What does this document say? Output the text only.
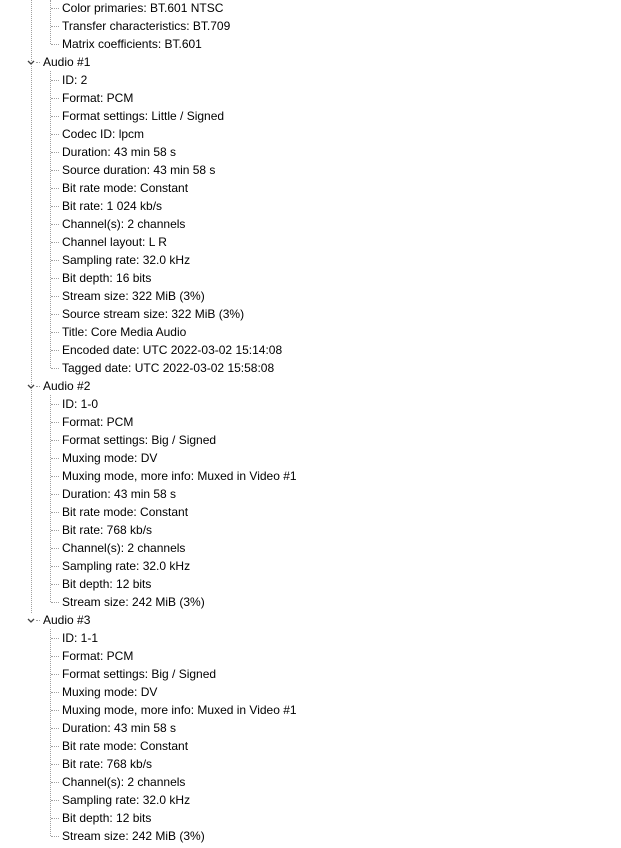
Color primaries: BT.601 NTSC
Transfer characteristics: BT.709
Matrix coefficients: BT.601
Audio #1
ID: 2
Format: PCM
Format settings: Little / Signed
Codec ID: lpcm
Duration: 43 min 58 s
Source duration: 43 min 58 s
Bit rate mode: Constant
Bit rate: 1 024 kb/s
Channel(s): 2 channels
Channel layout: L R
Sampling rate: 32.0 kHz
Bit depth: 16 bits
Stream size: 322 MiB (3%)
Source stream size: 322 MiB (3%)
Title: Core Media Audio
Encoded date: UTC 2022-03-02 15:14:08
Tagged date: UTC 2022-03-02 15:58:08
Audio #2
ID: 1-0
Format: PCM
Format settings: Big / Signed
Muxing mode: DV
Muxing mode, more info: Muxed in Video #1
Duration: 43 min 58 s
Bit rate mode: Constant
Bit rate: 768 kb/s
Channel(s): 2 channels
Sampling rate: 32.0 kHz
Bit depth: 12 bits
Stream size: 242 MiB (3%)
Audio #3
ID: 1-1
Format: PCM
Format settings: Big / Signed
Muxing mode: DV
Muxing mode, more info: Muxed in Video #1
Duration: 43 min 58 s
Bit rate mode: Constant
Bit rate: 768 kb/s
Channel(s): 2 channels
Sampling rate: 32.0 kHz
Bit depth: 12 bits
Stream size: 242 MiB (3%)
